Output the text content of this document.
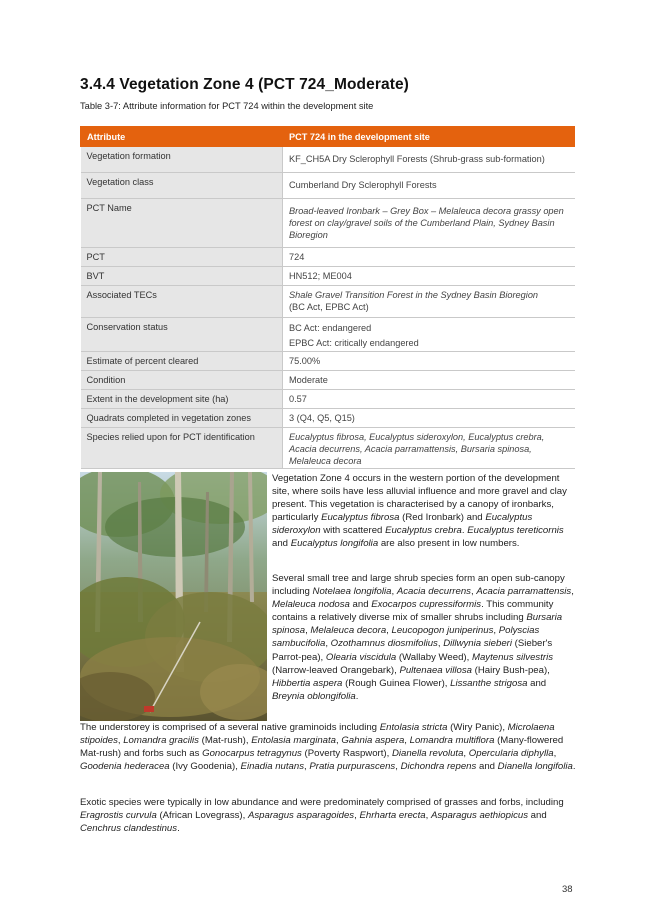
3.4.4 Vegetation Zone 4 (PCT 724_Moderate)
Table 3-7: Attribute information for PCT 724 within the development site
Attribute	PCT 724 in the development site
Vegetation formation	KF_CH5A Dry Sclerophyll Forests (Shrub-grass sub-formation)
Vegetation class	Cumberland Dry Sclerophyll Forests
PCT Name	Broad-leaved Ironbark – Grey Box – Melaleuca decora grassy open forest on clay/gravel soils of the Cumberland Plain, Sydney Basin Bioregion
PCT	724
BVT	HN512; ME004
Associated TECs	Shale Gravel Transition Forest in the Sydney Basin Bioregion
(BC Act, EPBC Act)
Conservation status	BC Act: endangered
EPBC Act: critically endangered
Estimate of percent cleared	75.00%
Condition	Moderate
Extent in the development site (ha)	0.57
Quadrats completed in vegetation zones	3 (Q4, Q5, Q15)
Species relied upon for PCT identification	Eucalyptus fibrosa, Eucalyptus sideroxylon, Eucalyptus crebra, Acacia decurrens, Acacia parramattensis, Bursaria spinosa, Melaleuca decora

Vegetation Zone 4 occurs in the western portion of the development site, where soils have less alluvial influence and more gravel and clay present. This vegetation is characterised by a canopy of ironbarks, particularly Eucalyptus fibrosa (Red Ironbark) and Eucalyptus sideroxylon with scattered Eucalyptus crebra. Eucalyptus tereticornis and Eucalyptus longifolia are also present in low numbers.

Several small tree and large shrub species form an open sub-canopy including Notelaea longifolia, Acacia decurrens, Acacia parramattensis, Melaleuca nodosa and Exocarpos cupressiformis. This community contains a relatively diverse mix of smaller shrubs including Bursaria spinosa, Melaleuca decora, Leucopogon juniperinus, Polyscias sambucifolia, Ozothamnus diosmifolius, Dillwynia sieberi (Sieber's Parrot-pea), Olearia viscidula (Wallaby Weed), Maytenus silvestris (Narrow-leaved Orangebark), Pultenaea villosa (Hairy Bush-pea), Hibbertia aspera (Rough Guinea Flower), Lissanthe strigosa and Breynia oblongifolia.

The understorey is comprised of a several native graminoids including Entolasia stricta (Wiry Panic), Microlaena stipoides, Lomandra gracilis (Mat-rush), Entolasia marginata, Gahnia aspera, Lomandra multiflora (Many-flowered Mat-rush) and forbs such as Gonocarpus tetragynus (Poverty Raspwort), Dianella revoluta, Opercularia diphylla, Goodenia hederacea (Ivy Goodenia), Einadia nutans, Pratia purpurascens, Dichondra repens and Dianella longifolia.

Exotic species were typically in low abundance and were predominately comprised of grasses and forbs, including Eragrostis curvula (African Lovegrass), Asparagus asparagoides, Ehrharta erecta, Asparagus aethiopicus and Cenchrus clandestinus.

38
